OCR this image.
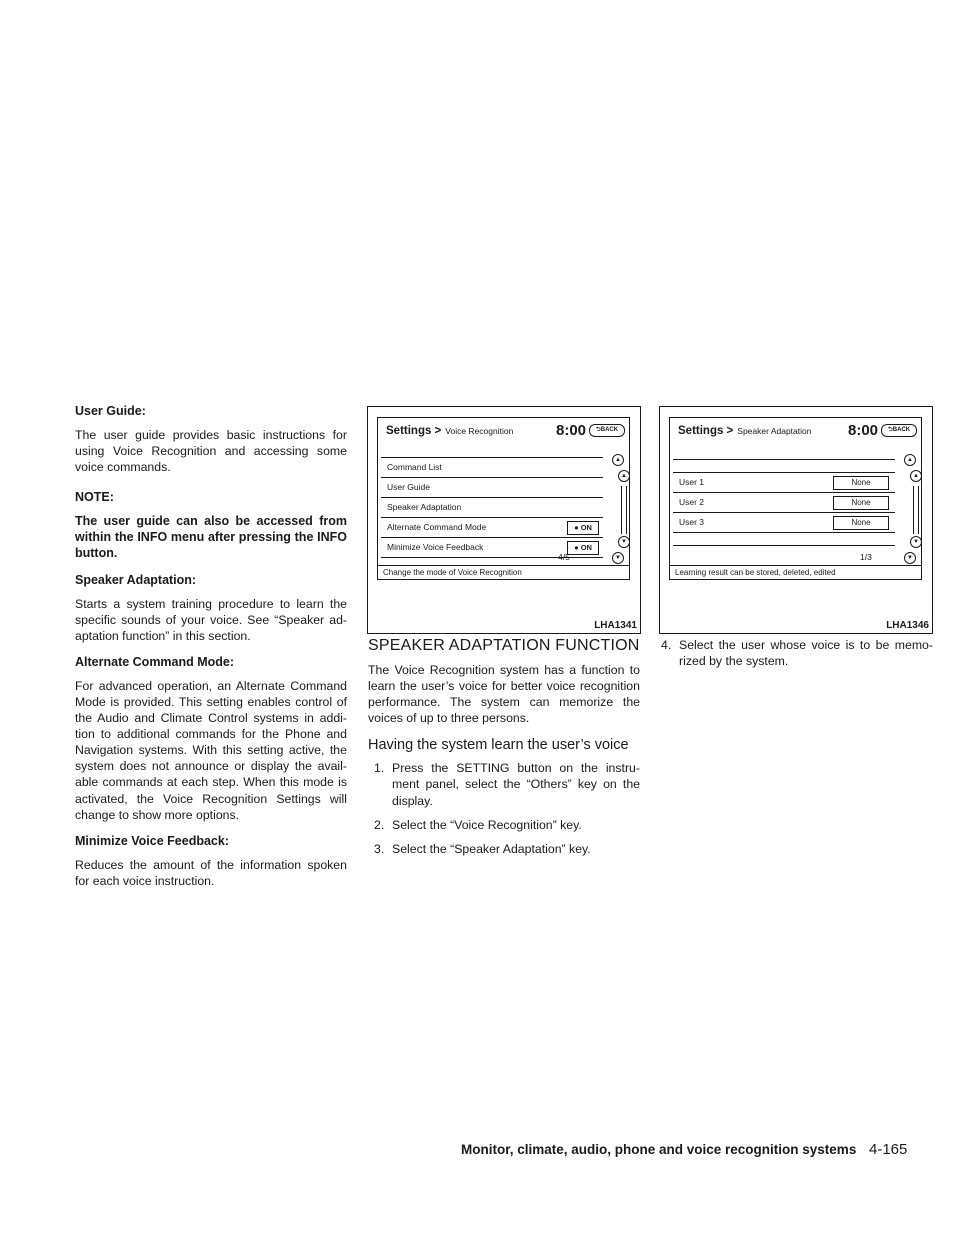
User Guide:

The user guide provides basic instructions for using Voice Recognition and accessing some voice commands.

NOTE:

The user guide can also be accessed from within the INFO menu after pressing the INFO button.

Speaker Adaptation:

Starts a system training procedure to learn the specific sounds of your voice. See “Speaker ad-aptation function” in this section.

Alternate Command Mode:

For advanced operation, an Alternate Command Mode is provided. This setting enables control of the Audio and Climate Control systems in addi-tion to additional commands for the Phone and Navigation systems. With this setting active, the system does not announce or display the avail-able commands at each step. When this mode is activated, the Voice Recognition Settings will change to show more options.

Minimize Voice Feedback:

Reduces the amount of the information spoken for each voice instruction.

Settings > Voice Recognition	8:00	⮌BACK
Command List
User Guide
Speaker Adaptation
Alternate Command Mode	● ON
Minimize Voice Feedback	● ON
▲
▲
▼
▼
4/5
Change the mode of Voice Recognition
LHA1341
Settings > Speaker Adaptation 8:00	⮌BACK
User 1	None
User 2	None
User 3	None
▲
▲
▼
▼
1/3
Learning result can be stored, deleted, edited
LHA1346
SPEAKER ADAPTATION FUNCTION

The Voice Recognition system has a function to learn the user’s voice for better voice recognition performance. The system can memorize the voices of up to three persons.

Having the system learn the user’s voice
1. Press the SETTING button on the instru-ment panel, select the “Others” key on the display.
2. Select the “Voice Recognition” key.
3. Select the “Speaker Adaptation” key.
4. Select the user whose voice is to be memo-rized by the system.
Monitor, climate, audio, phone and voice recognition systems 4-165
